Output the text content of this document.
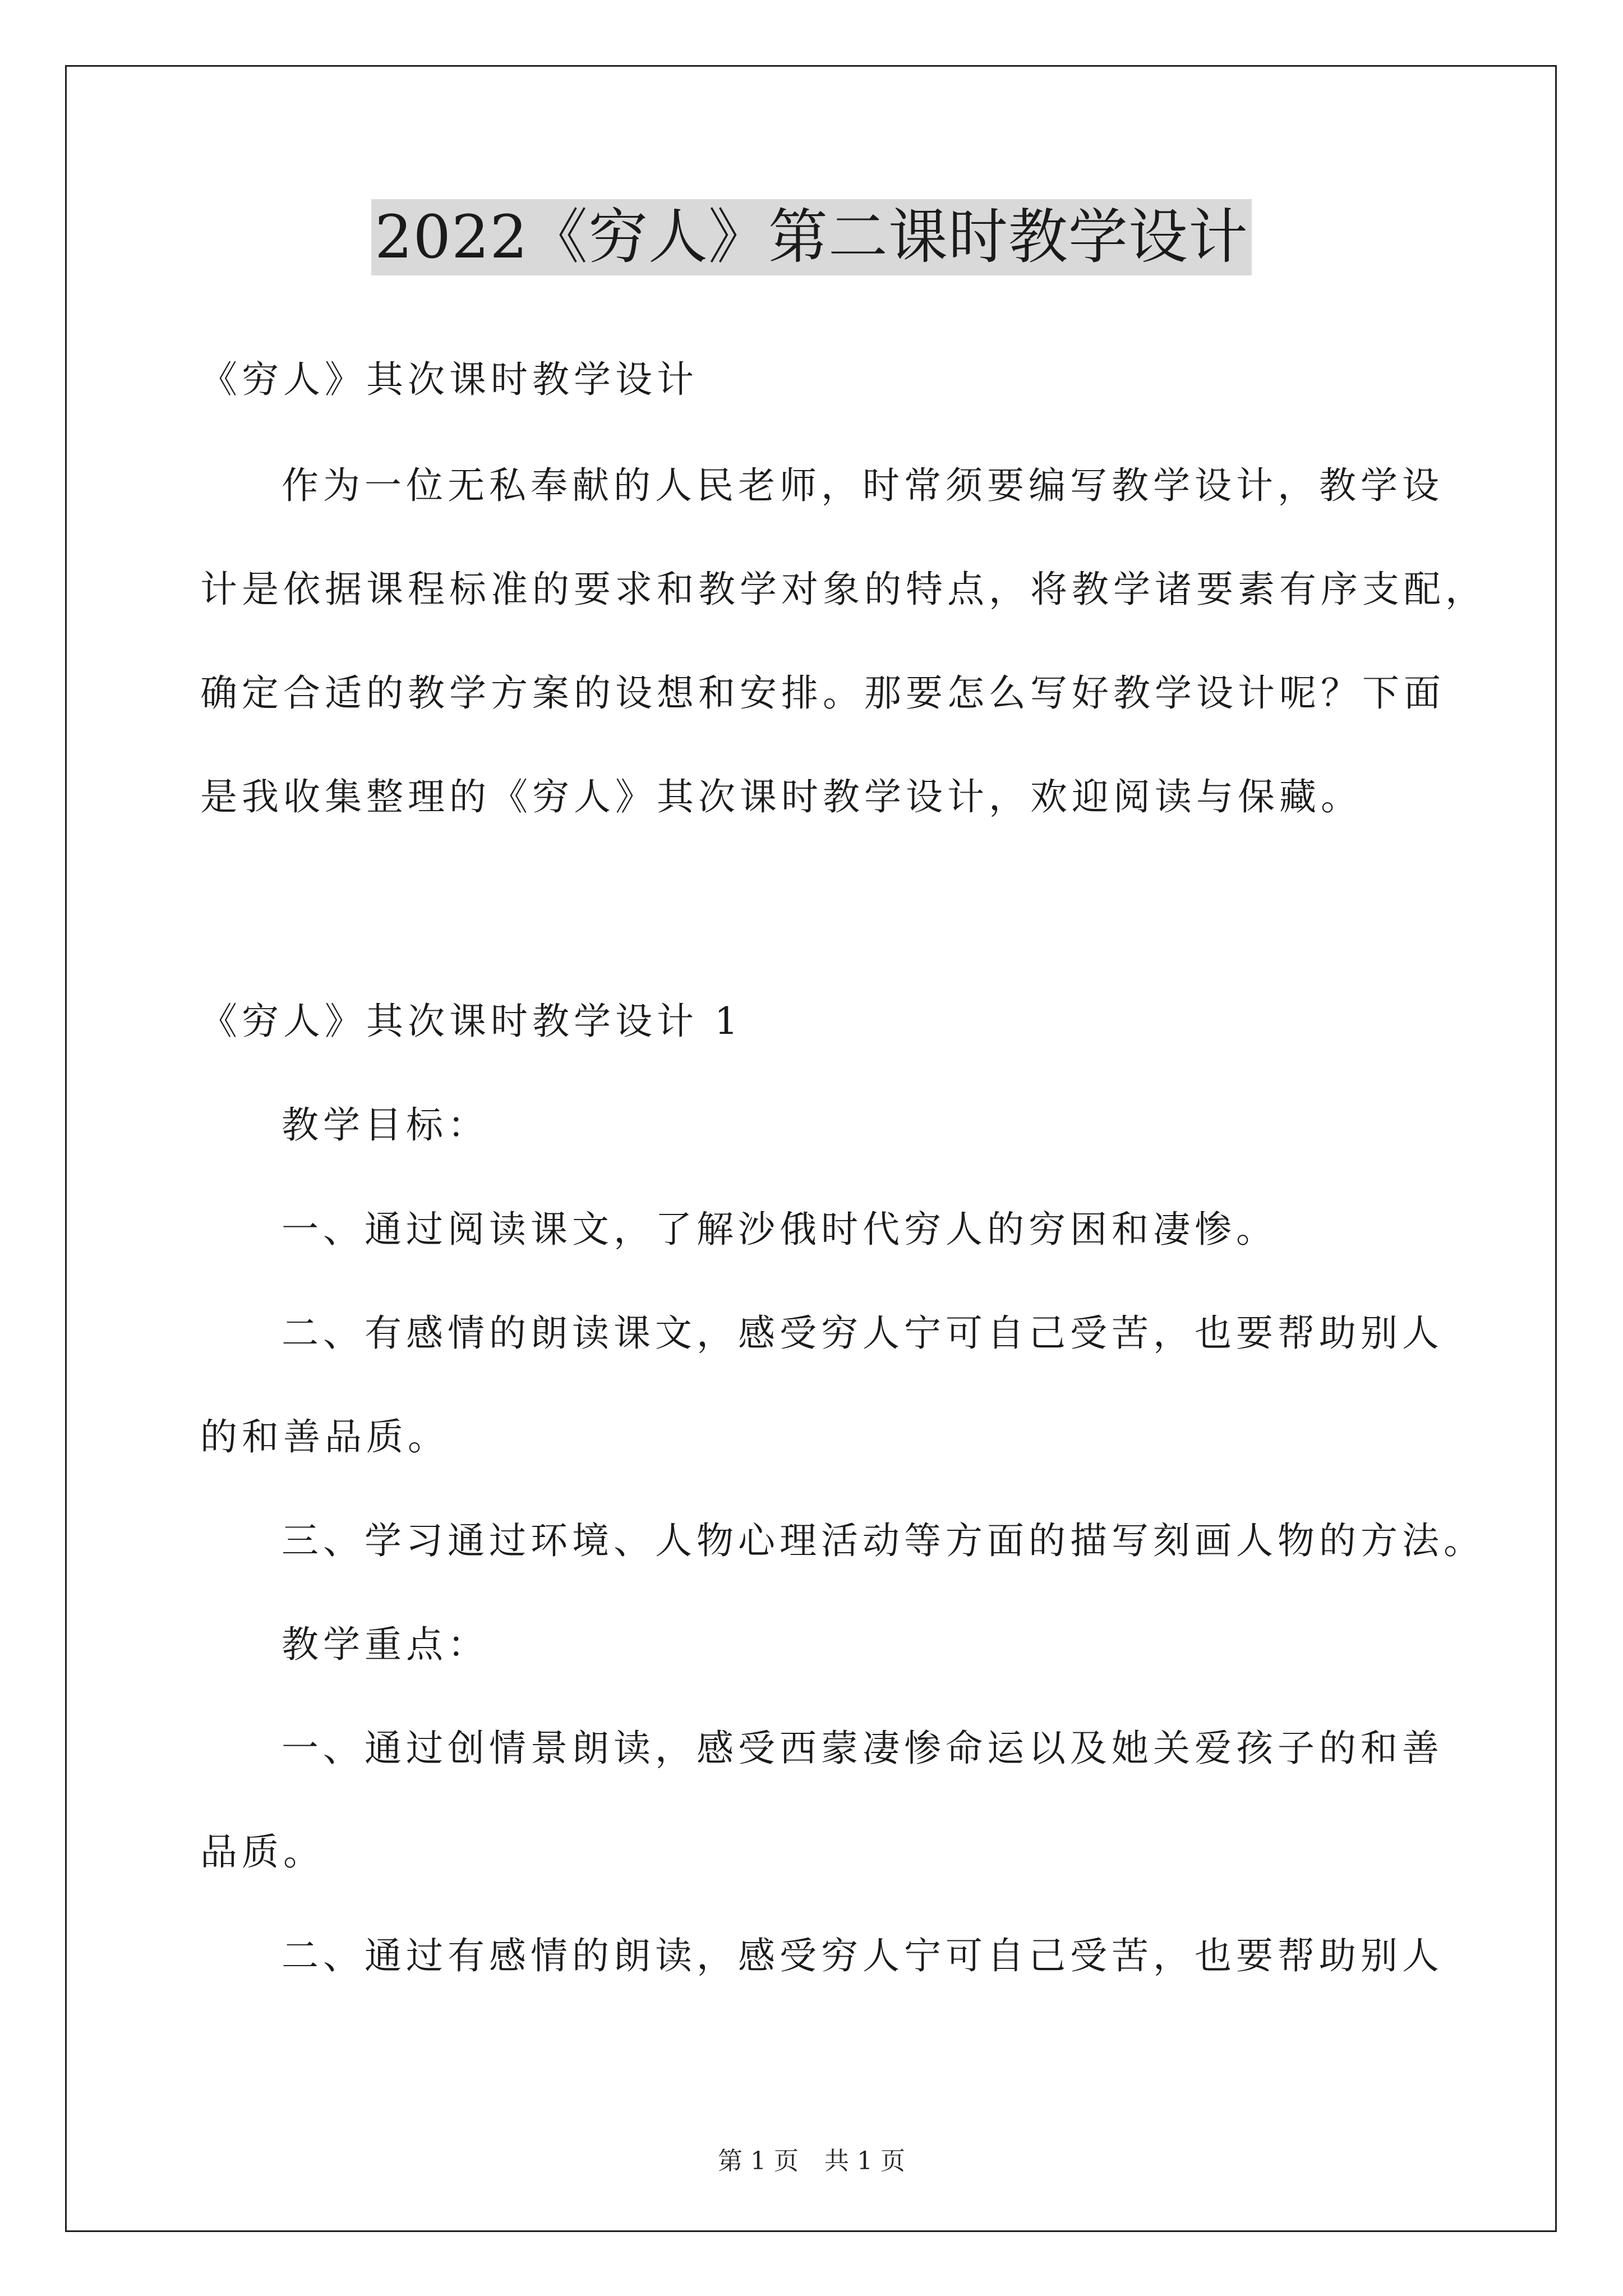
2022《穷人》第二课时教学设计
《穷人》其次课时教学设计
作为一位无私奉献的人民老师，时常须要编写教学设计，教学设
计是依据课程标准的要求和教学对象的特点，将教学诸要素有序支配，
确定合适的教学方案的设想和安排。那要怎么写好教学设计呢？下面
是我收集整理的《穷人》其次课时教学设计，欢迎阅读与保藏。
《穷人》其次课时教学设计 1
教学目标：
一、通过阅读课文，了解沙俄时代穷人的穷困和凄惨。
二、有感情的朗读课文，感受穷人宁可自己受苦，也要帮助别人
的和善品质。
三、学习通过环境、人物心理活动等方面的描写刻画人物的方法。
教学重点：
一、通过创情景朗读，感受西蒙凄惨命运以及她关爱孩子的和善
品质。
二、通过有感情的朗读，感受穷人宁可自己受苦，也要帮助别人
第 1 页 共 1 页
